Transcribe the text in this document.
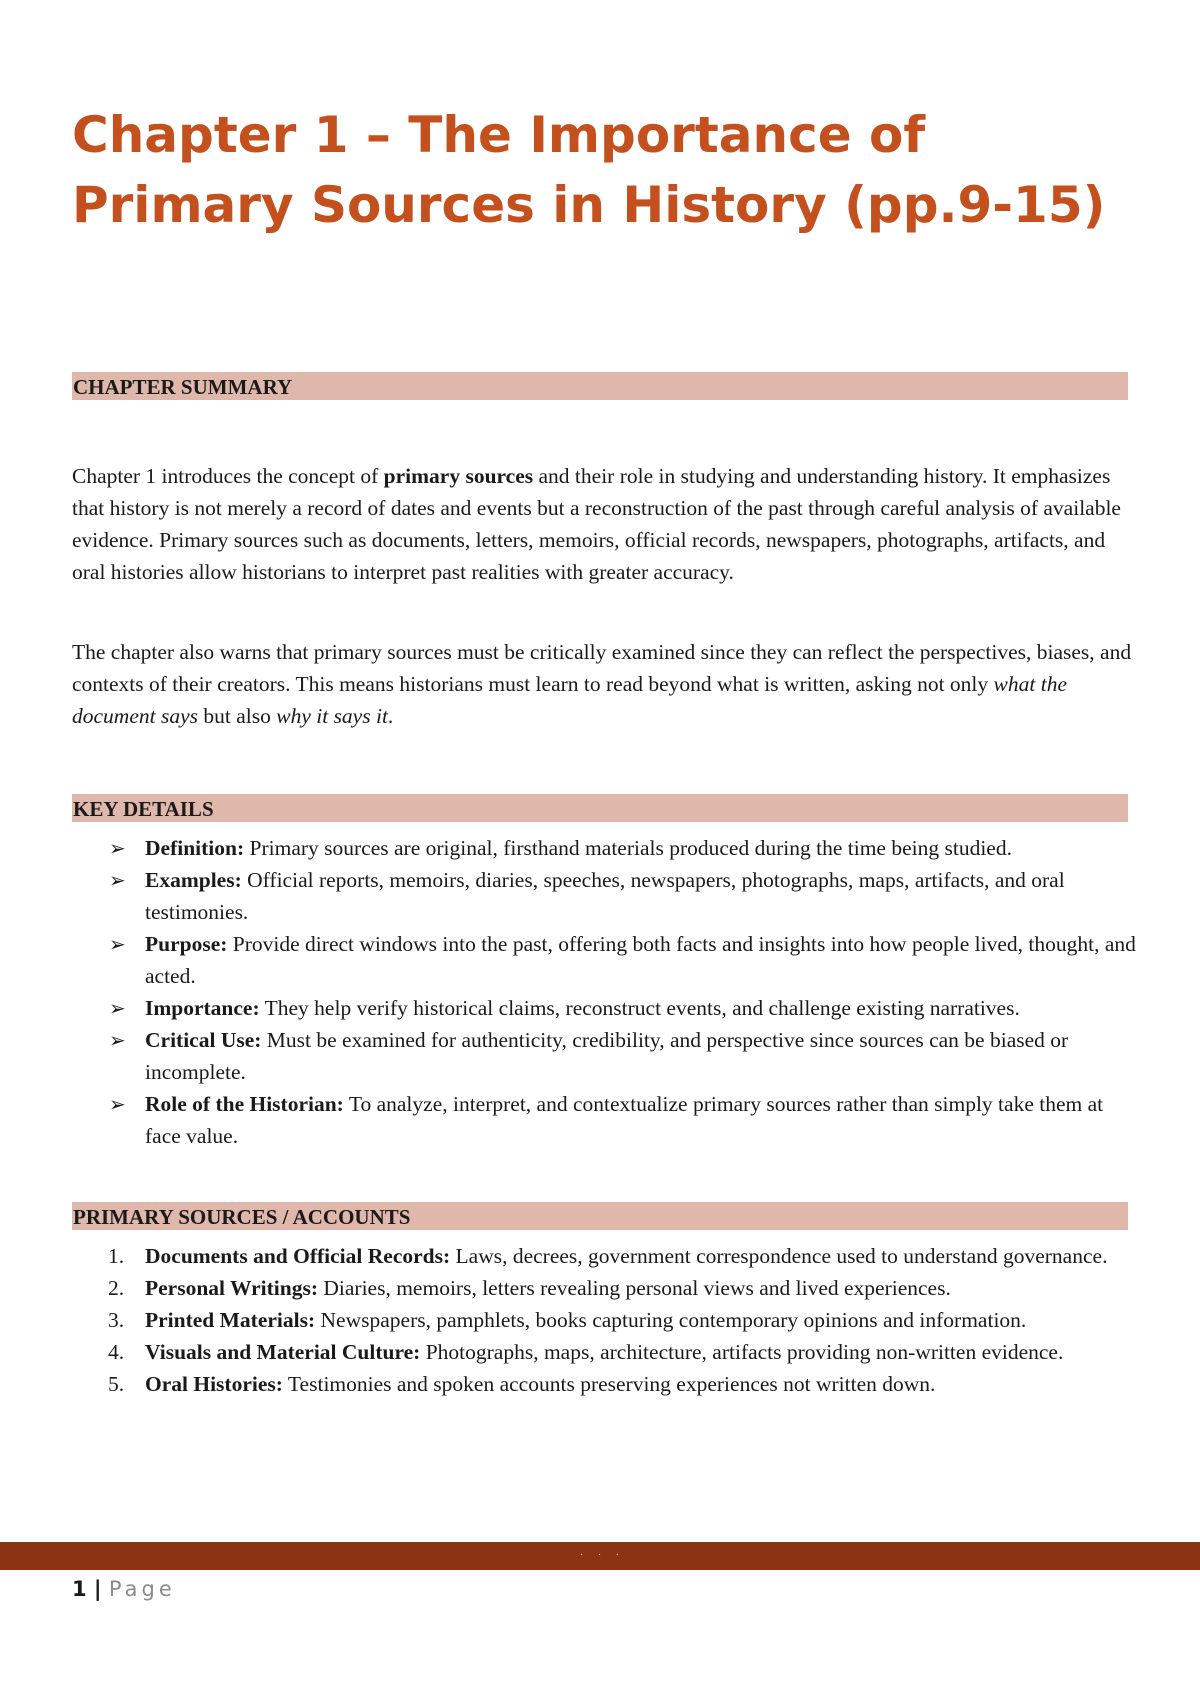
Chapter 1 – The Importance of Primary Sources in History (pp.9-15)
CHAPTER SUMMARY

Chapter 1 introduces the concept of primary sources and their role in studying and understanding history. It emphasizes that history is not merely a record of dates and events but a reconstruction of the past through careful analysis of available evidence. Primary sources such as documents, letters, memoirs, official records, newspapers, photographs, artifacts, and oral histories allow historians to interpret past realities with greater accuracy.

The chapter also warns that primary sources must be critically examined since they can reflect the perspectives, biases, and contexts of their creators. This means historians must learn to read beyond what is written, asking not only what the document says but also why it says it.

KEY DETAILS
➢ Definition: Primary sources are original, firsthand materials produced during the time being studied.
➢ Examples: Official reports, memoirs, diaries, speeches, newspapers, photographs, maps, artifacts, and oral testimonies.
➢ Purpose: Provide direct windows into the past, offering both facts and insights into how people lived, thought, and acted.
➢ Importance: They help verify historical claims, reconstruct events, and challenge existing narratives.
➢ Critical Use: Must be examined for authenticity, credibility, and perspective since sources can be biased or incomplete.
➢ Role of the Historian: To analyze, interpret, and contextualize primary sources rather than simply take them at face value.
PRIMARY SOURCES / ACCOUNTS
1. Documents and Official Records: Laws, decrees, government correspondence used to understand governance.
2. Personal Writings: Diaries, memoirs, letters revealing personal views and lived experiences.
3. Printed Materials: Newspapers, pamphlets, books capturing contemporary opinions and information.
4. Visuals and Material Culture: Photographs, maps, architecture, artifacts providing non-written evidence.
5. Oral Histories: Testimonies and spoken accounts preserving experiences not written down.
· · ·
1 | Page
